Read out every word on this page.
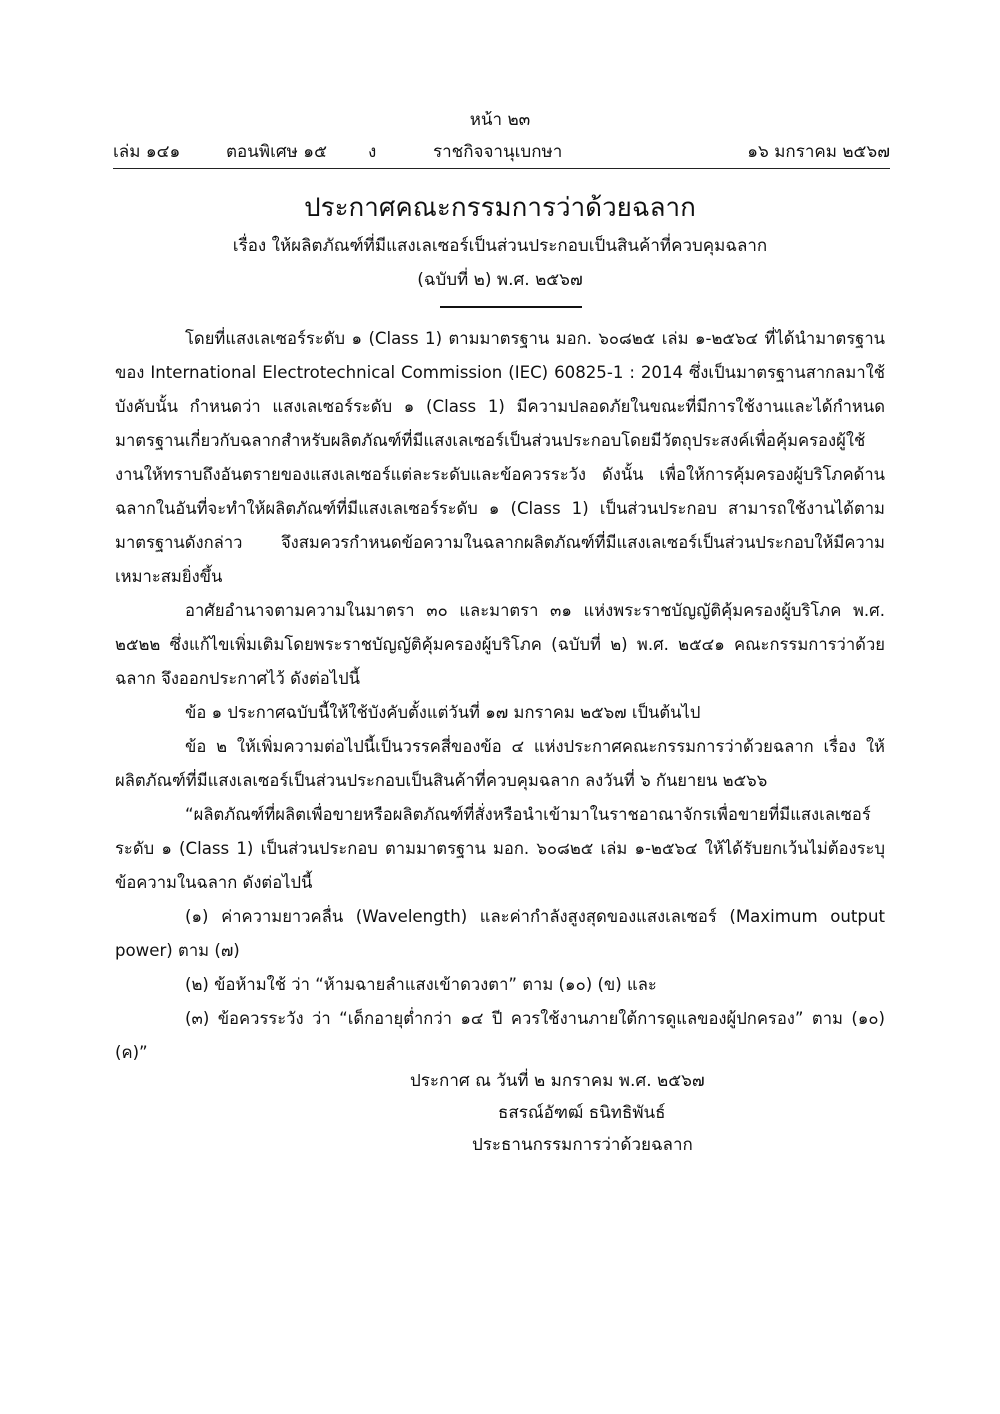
หน้า ๒๓
เล่ม ๑๔๑	ตอนพิเศษ ๑๕ ง	ราชกิจจานุเบกษา	๑๖ มกราคม ๒๕๖๗
ประกาศคณะกรรมการว่าด้วยฉลาก
เรื่อง ให้ผลิตภัณฑ์ที่มีแสงเลเซอร์เป็นส่วนประกอบเป็นสินค้าที่ควบคุมฉลาก
(ฉบับที่ ๒) พ.ศ. ๒๕๖๗

โดยที่แสงเลเซอร์ระดับ ๑ (Class 1) ตามมาตรฐาน มอก. ๖๐๘๒๕ เล่ม ๑-๒๕๖๔ ที่ได้นำมาตรฐานของ International Electrotechnical Commission (IEC) 60825-1 : 2014 ซึ่งเป็นมาตรฐานสากลมาใช้บังคับนั้น กำหนดว่า แสงเลเซอร์ระดับ ๑ (Class 1) มีความปลอดภัยในขณะที่มีการใช้งานและได้กำหนดมาตรฐานเกี่ยวกับฉลากสำหรับผลิตภัณฑ์ที่มีแสงเลเซอร์เป็นส่วนประกอบโดยมีวัตถุประสงค์เพื่อคุ้มครองผู้ใช้งานให้ทราบถึงอันตรายของแสงเลเซอร์แต่ละระดับและข้อควรระวัง ดังนั้น เพื่อให้การคุ้มครองผู้บริโภคด้านฉลากในอันที่จะทำให้ผลิตภัณฑ์ที่มีแสงเลเซอร์ระดับ ๑ (Class 1) เป็นส่วนประกอบ สามารถใช้งานได้ตามมาตรฐานดังกล่าว จึงสมควรกำหนดข้อความในฉลากผลิตภัณฑ์ที่มีแสงเลเซอร์เป็นส่วนประกอบให้มีความเหมาะสมยิ่งขึ้น

อาศัยอำนาจตามความในมาตรา ๓๐ และมาตรา ๓๑ แห่งพระราชบัญญัติคุ้มครองผู้บริโภค พ.ศ. ๒๕๒๒ ซึ่งแก้ไขเพิ่มเติมโดยพระราชบัญญัติคุ้มครองผู้บริโภค (ฉบับที่ ๒) พ.ศ. ๒๕๔๑ คณะกรรมการว่าด้วยฉลาก จึงออกประกาศไว้ ดังต่อไปนี้

ข้อ ๑ ประกาศฉบับนี้ให้ใช้บังคับตั้งแต่วันที่ ๑๗ มกราคม ๒๕๖๗ เป็นต้นไป

ข้อ ๒ ให้เพิ่มความต่อไปนี้เป็นวรรคสี่ของข้อ ๔ แห่งประกาศคณะกรรมการว่าด้วยฉลาก เรื่อง ให้ผลิตภัณฑ์ที่มีแสงเลเซอร์เป็นส่วนประกอบเป็นสินค้าที่ควบคุมฉลาก ลงวันที่ ๖ กันยายน ๒๕๖๖

“ผลิตภัณฑ์ที่ผลิตเพื่อขายหรือผลิตภัณฑ์ที่สั่งหรือนำเข้ามาในราชอาณาจักรเพื่อขายที่มีแสงเลเซอร์ ระดับ ๑ (Class 1) เป็นส่วนประกอบ ตามมาตรฐาน มอก. ๖๐๘๒๕ เล่ม ๑-๒๕๖๔ ให้ได้รับยกเว้นไม่ต้องระบุข้อความในฉลาก ดังต่อไปนี้

(๑) ค่าความยาวคลื่น (Wavelength) และค่ากำลังสูงสุดของแสงเลเซอร์ (Maximum output power) ตาม (๗)

(๒) ข้อห้ามใช้ ว่า “ห้ามฉายลำแสงเข้าดวงตา” ตาม (๑๐) (ข) และ

(๓) ข้อควรระวัง ว่า “เด็กอายุต่ำกว่า ๑๔ ปี ควรใช้งานภายใต้การดูแลของผู้ปกครอง” ตาม (๑๐) (ค)”

ประกาศ ณ วันที่ ๒ มกราคม พ.ศ. ๒๕๖๗
ธสรณ์อัฑฒ์ ธนิทธิพันธ์
ประธานกรรมการว่าด้วยฉลาก
